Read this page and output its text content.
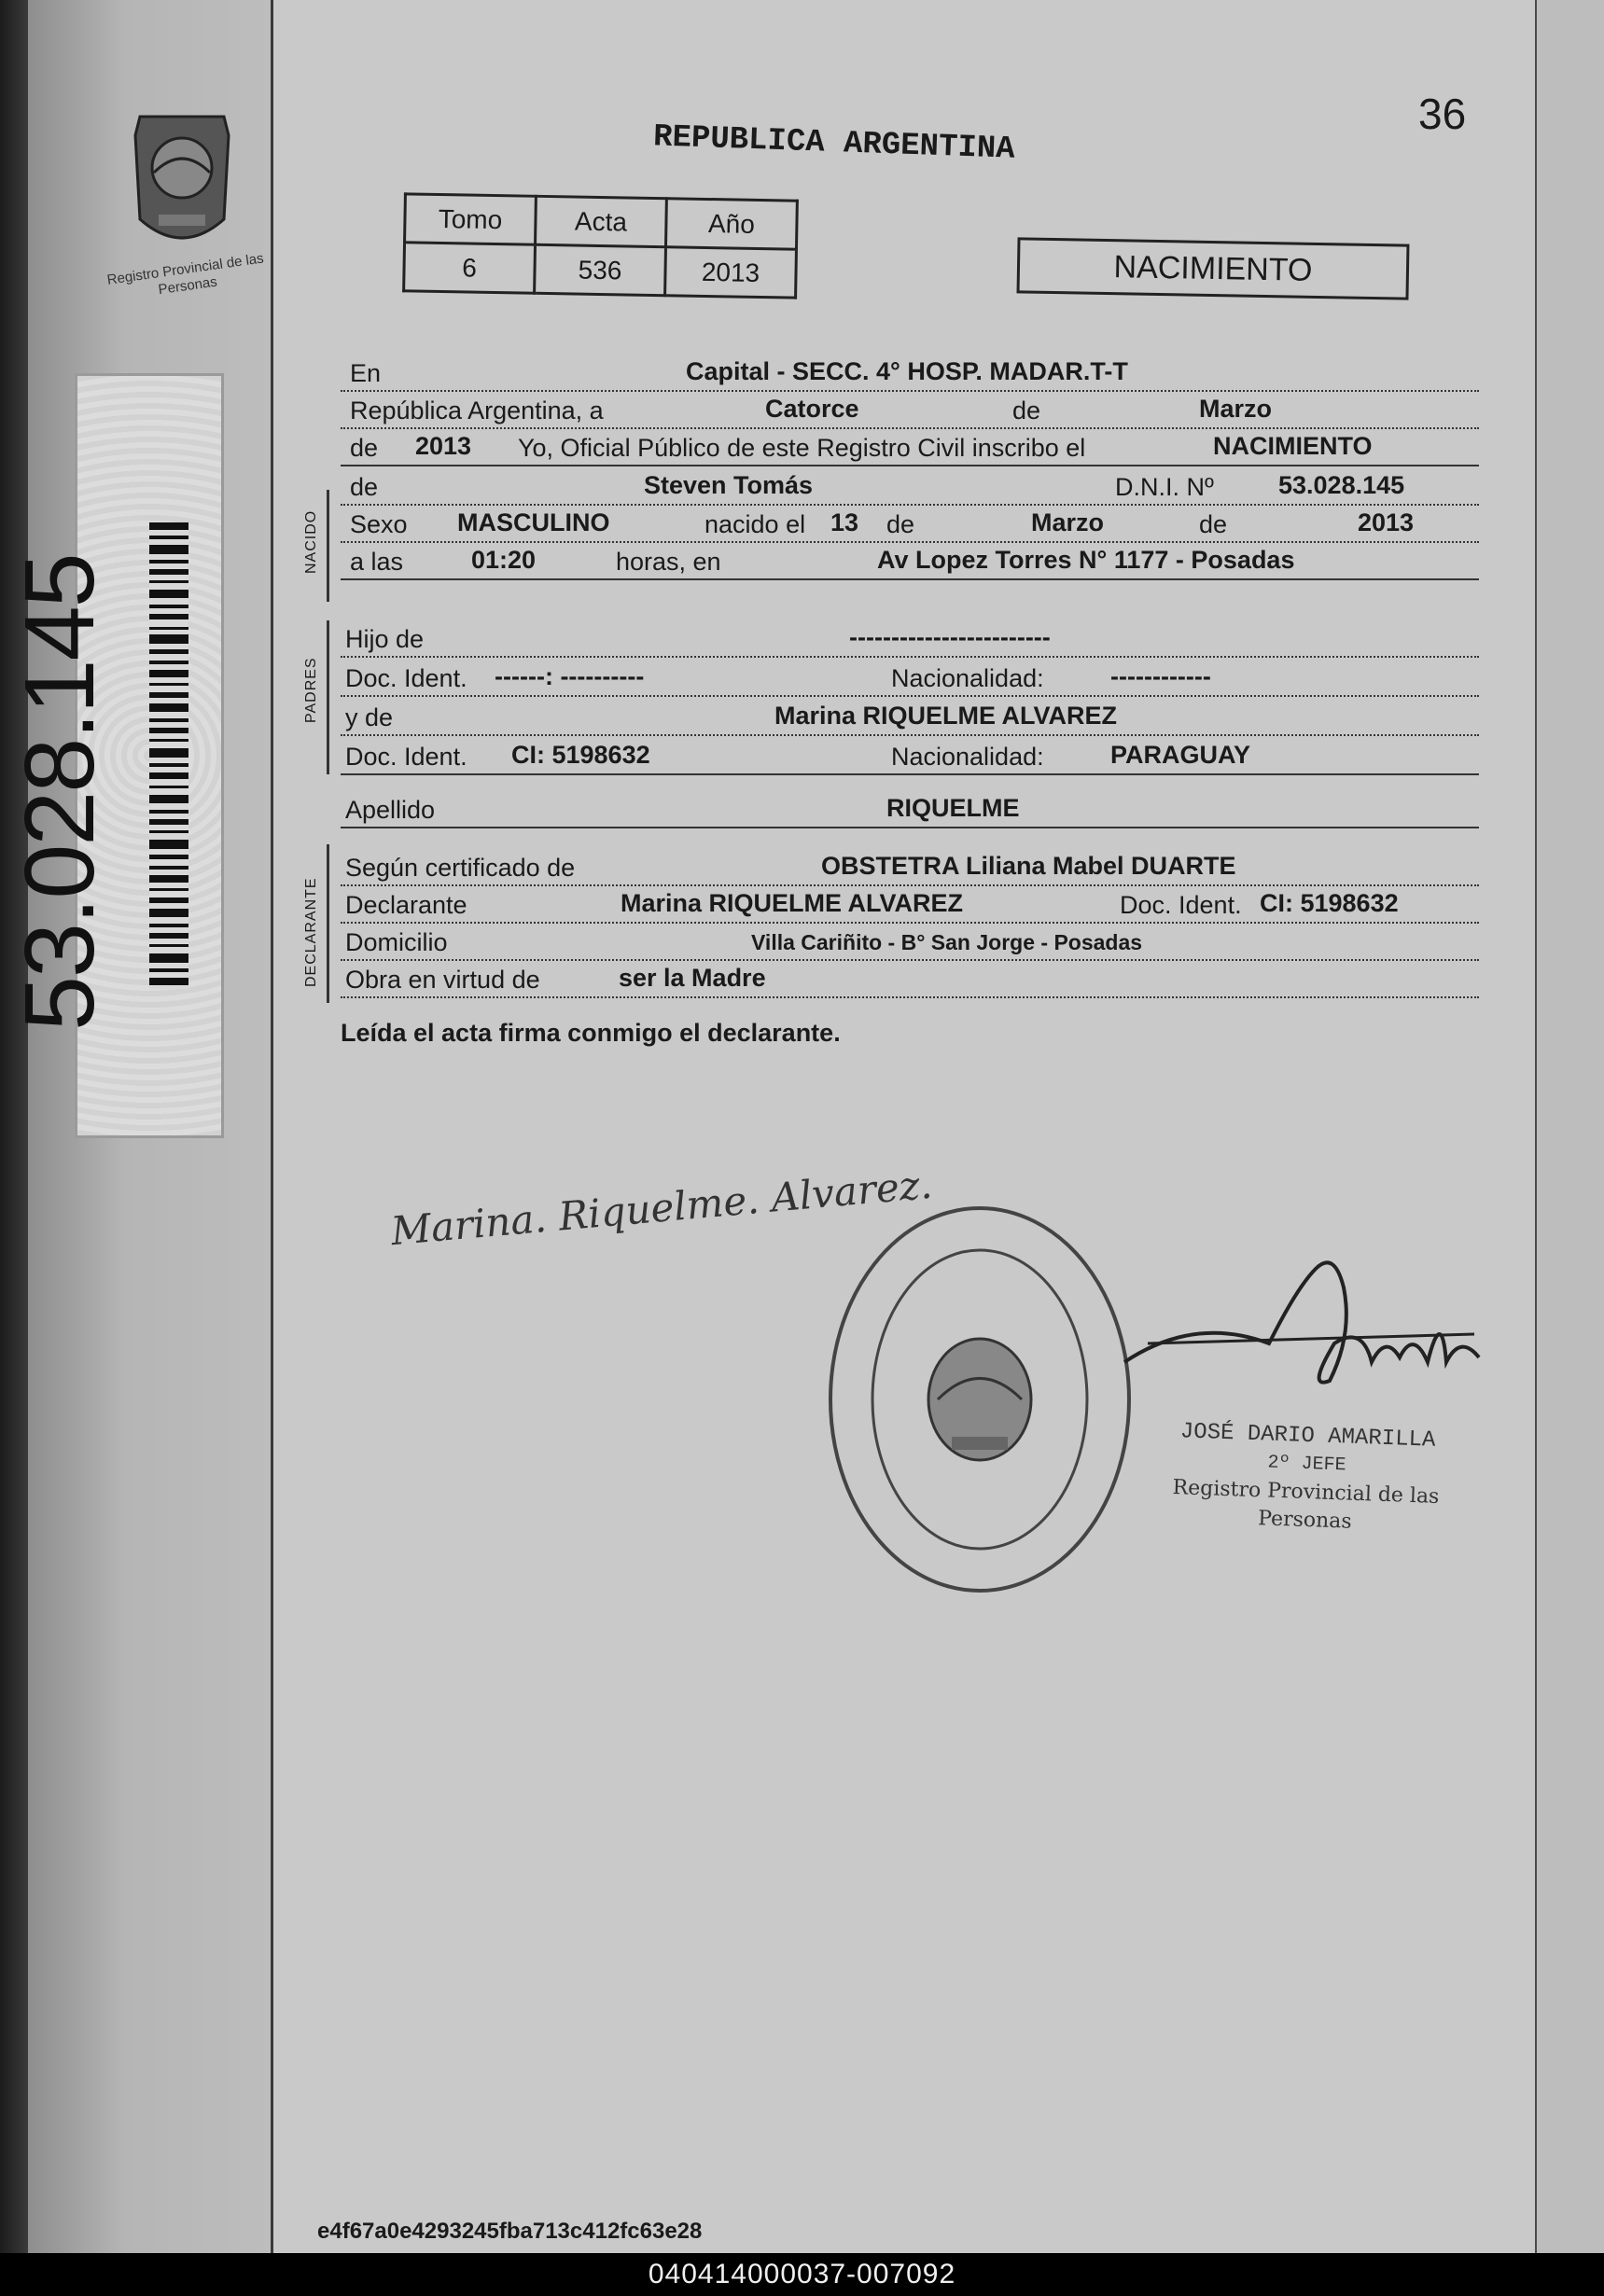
Registro Provincial de las Personas
53.028.145
36
REPUBLICA ARGENTINA
Tomo	Acta	Año
6	536	2013	NACIMIENTO
NACIDO
PADRES
DECLARANTE
En	Capital - SECC. 4° HOSP. MADAR.T-T
República Argentina, a	Catorce	de	Marzo
de 2013 Yo, Oficial Público de este Registro Civil inscribo el	NACIMIENTO
de	Steven Tomás	D.N.I. Nº	53.028.145
Sexo MASCULINO	nacido el 13 de	Marzo	de	2013
a las	01:20	horas, en	Av Lopez Torres N° 1177 - Posadas
Hijo de	------------------------
Doc. Ident. ------: ----------	Nacionalidad:	------------
y de	Marina RIQUELME ALVAREZ
Doc. Ident. CI: 5198632	Nacionalidad:	PARAGUAY
Apellido	RIQUELME
Según certificado de	OBSTETRA Liliana Mabel DUARTE
Declarante	Marina RIQUELME ALVAREZ	Doc. Ident. CI: 5198632
Domicilio	Villa Cariñito - B° San Jorge - Posadas
Obra en virtud de	ser la Madre
Leída el acta firma conmigo el declarante.
Marina. Riquelme. Alvarez.
JOSÉ DARIO AMARILLA
2º JEFE
Registro Provincial de las Personas
e4f67a0e4293245fba713c412fc63e28
040414000037-007092
